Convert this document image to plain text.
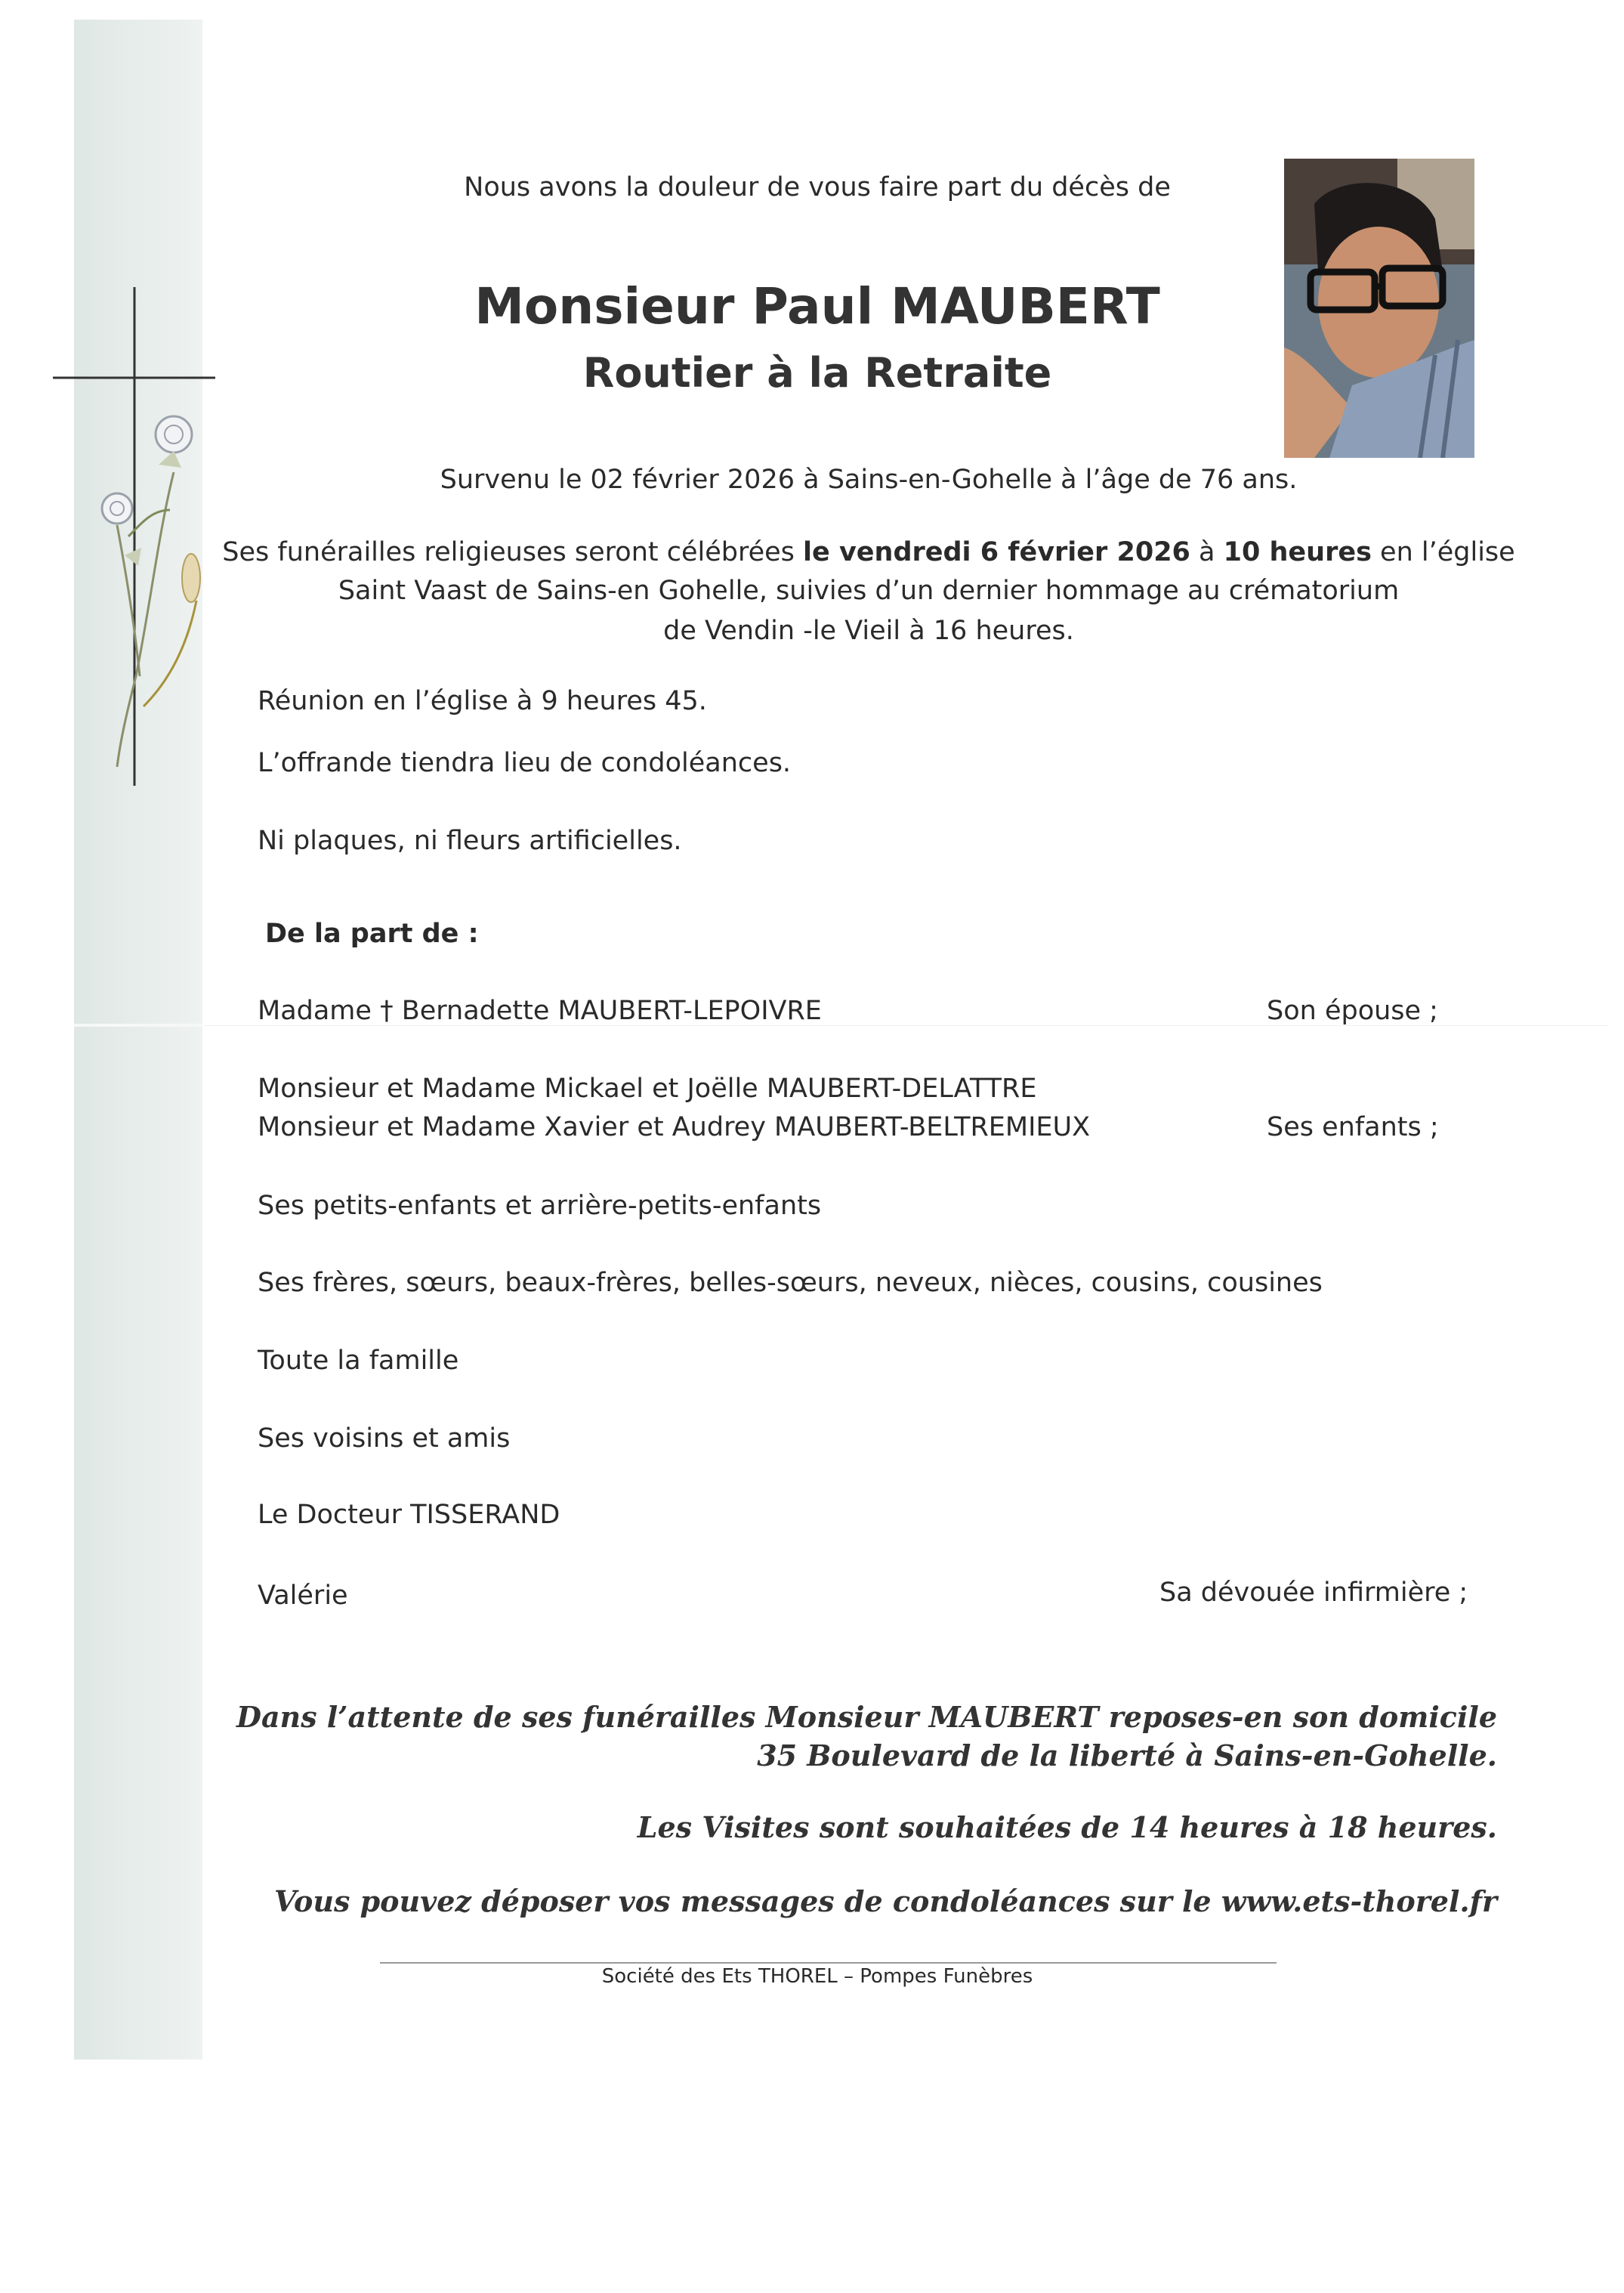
Nous avons la douleur de vous faire part du décès de
Monsieur Paul MAUBERT
Routier à la Retraite
Survenu le 02 février 2026 à Sains-en-Gohelle à l’âge de 76 ans.
Ses funérailles religieuses seront célébrées le vendredi 6 février 2026 à 10 heures en l’église
Saint Vaast de Sains-en Gohelle, suivies d’un dernier hommage au crématorium
de Vendin -le Vieil à 16 heures.
Réunion en l’église à 9 heures 45.
L’offrande tiendra lieu de condoléances.
Ni plaques, ni fleurs artificielles.
De la part de :
Madame † Bernadette MAUBERT-LEPOIVRE	Son épouse ;
Monsieur et Madame Mickael et Joëlle MAUBERT-DELATTRE
Monsieur et Madame Xavier et Audrey MAUBERT-BELTREMIEUX	Ses enfants ;
Ses petits-enfants et arrière-petits-enfants
Ses frères, sœurs, beaux-frères, belles-sœurs, neveux, nièces, cousins, cousines
Toute la famille
Ses voisins et amis
Le Docteur TISSERAND
Valérie	Sa dévouée infirmière ;
Dans l’attente de ses funérailles Monsieur MAUBERT reposes-en son domicile
35 Boulevard de la liberté à Sains-en-Gohelle.
Les Visites sont souhaitées de 14 heures à 18 heures.
Vous pouvez déposer vos messages de condoléances sur le www.ets-thorel.fr
Société des Ets THOREL – Pompes Funèbres
